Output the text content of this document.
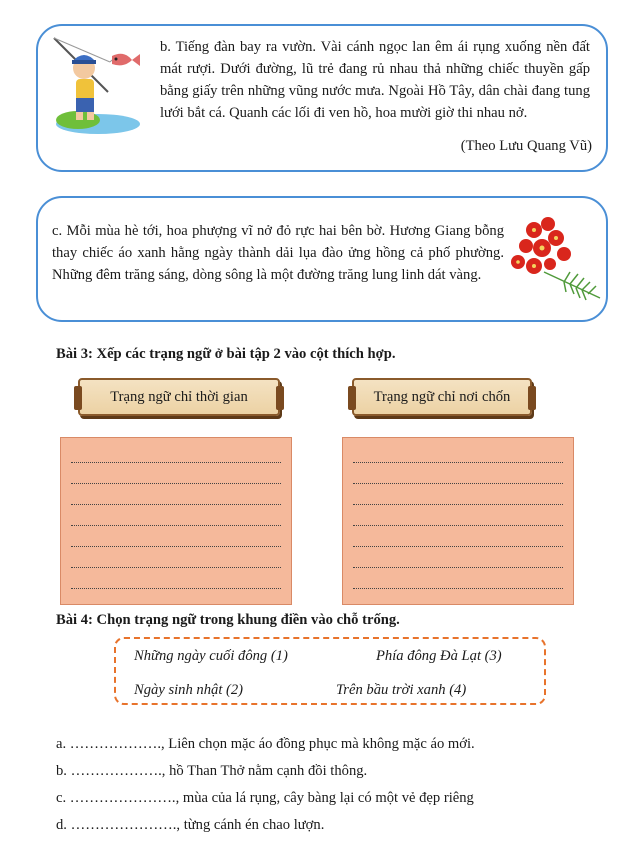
b. Tiếng đàn bay ra vườn. Vài cánh ngọc lan êm ái rụng xuống nền đất mát rượi. Dưới đường, lũ trẻ đang rủ nhau thả những chiếc thuyền gấp bằng giấy trên những vũng nước mưa. Ngoài Hồ Tây, dân chài đang tung lưới bắt cá. Quanh các lối đi ven hồ, hoa mười giờ thi nhau nở.
(Theo Lưu Quang Vũ)
c. Mỗi mùa hè tới, hoa phượng vĩ nở đỏ rực hai bên bờ. Hương Giang bỗng thay chiếc áo xanh hằng ngày thành dải lụa đào ửng hồng cả phố phường. Những đêm trăng sáng, dòng sông là một đường trăng lung linh dát vàng.
Bài 3: Xếp các trạng ngữ ở bài tập 2 vào cột thích hợp.
Trạng ngữ chỉ thời gian	Trạng ngữ chỉ nơi chốn
Bài 4: Chọn trạng ngữ trong khung điền vào chỗ trống.
Những ngày cuối đông (1)	Phía đông Đà Lạt (3)
Ngày sinh nhật (2)	Trên bầu trời xanh (4)
a. ………………., Liên chọn mặc áo đồng phục mà không mặc áo mới.
b. ………………., hồ Than Thở nằm cạnh đồi thông.
c. …………………., mùa của lá rụng, cây bàng lại có một vẻ đẹp riêng
d. …………………., từng cánh én chao lượn.
